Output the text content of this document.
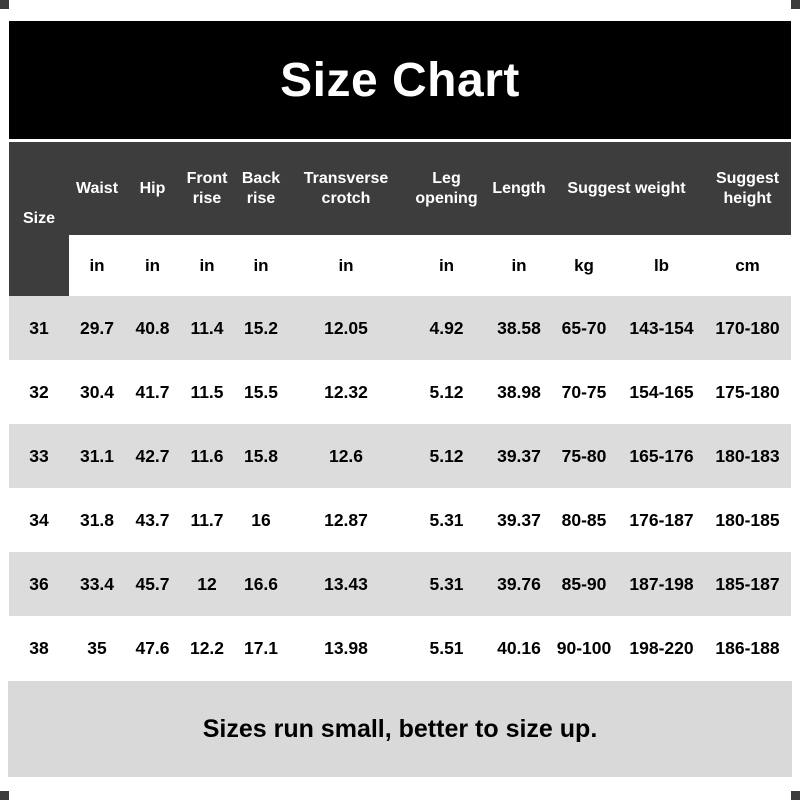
Size Chart
Size	Waist	Hip	Front rise	Back rise	Transverse crotch	Leg opening	Length	Suggest weight		Suggest height
	in	in	in	in	in	in	in	kg	lb	cm
31	29.7	40.8	11.4	15.2	12.05	4.92	38.58	65-70	143-154	170-180
32	30.4	41.7	11.5	15.5	12.32	5.12	38.98	70-75	154-165	175-180
33	31.1	42.7	11.6	15.8	12.6	5.12	39.37	75-80	165-176	180-183
34	31.8	43.7	11.7	16	12.87	5.31	39.37	80-85	176-187	180-185
36	33.4	45.7	12	16.6	13.43	5.31	39.76	85-90	187-198	185-187
38	35	47.6	12.2	17.1	13.98	5.51	40.16	90-100	198-220	186-188
Sizes run small, better to size up.
